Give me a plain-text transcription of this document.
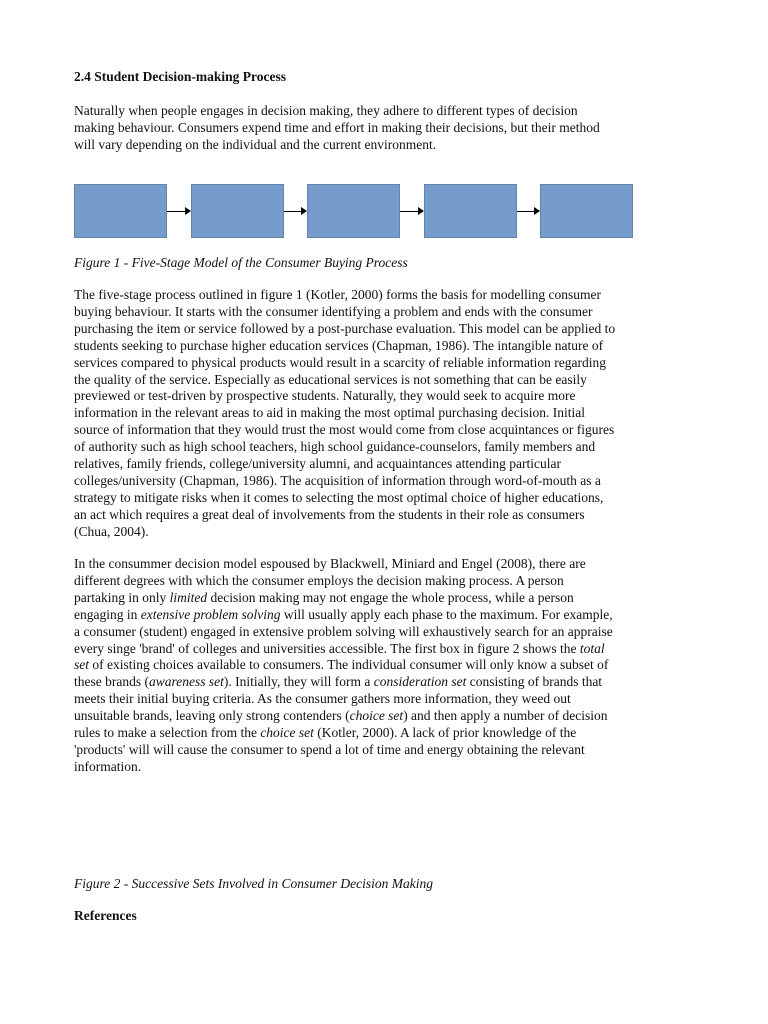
2.4 Student Decision-making Process
Naturally when people engages in decision making, they adhere to different types of decision
making behaviour. Consumers expend time and effort in making their decisions, but their method
will vary depending on the individual and the current environment.
Figure 1 - Five-Stage Model of the Consumer Buying Process
The five-stage process outlined in figure 1 (Kotler, 2000) forms the basis for modelling consumer
buying behaviour. It starts with the consumer identifying a problem and ends with the consumer
purchasing the item or service followed by a post-purchase evaluation. This model can be applied to
students seeking to purchase higher education services (Chapman, 1986). The intangible nature of
services compared to physical products would result in a scarcity of reliable information regarding
the quality of the service. Especially as educational services is not something that can be easily
previewed or test-driven by prospective students. Naturally, they would seek to acquire more
information in the relevant areas to aid in making the most optimal purchasing decision. Initial
source of information that they would trust the most would come from close acquintances or figures
of authority such as high school teachers, high school guidance-counselors, family members and
relatives, family friends, college/university alumni, and acquaintances attending particular
colleges/university (Chapman, 1986). The acquisition of information through word-of-mouth as a
strategy to mitigate risks when it comes to selecting the most optimal choice of higher educations,
an act which requires a great deal of involvements from the students in their role as consumers
(Chua, 2004).
In the consummer decision model espoused by Blackwell, Miniard and Engel (2008), there are
different degrees with which the consumer employs the decision making process. A person
partaking in only limited decision making may not engage the whole process, while a person
engaging in extensive problem solving will usually apply each phase to the maximum. For example,
a consumer (student) engaged in extensive problem solving will exhaustively search for an appraise
every singe 'brand' of colleges and universities accessible. The first box in figure 2 shows the total
set of existing choices available to consumers. The individual consumer will only know a subset of
these brands (awareness set). Initially, they will form a consideration set consisting of brands that
meets their initial buying criteria. As the consumer gathers more information, they weed out
unsuitable brands, leaving only strong contenders (choice set) and then apply a number of decision
rules to make a selection from the choice set (Kotler, 2000). A lack of prior knowledge of the
'products' will will cause the consumer to spend a lot of time and energy obtaining the relevant
information.
Figure 2 - Successive Sets Involved in Consumer Decision Making
References
